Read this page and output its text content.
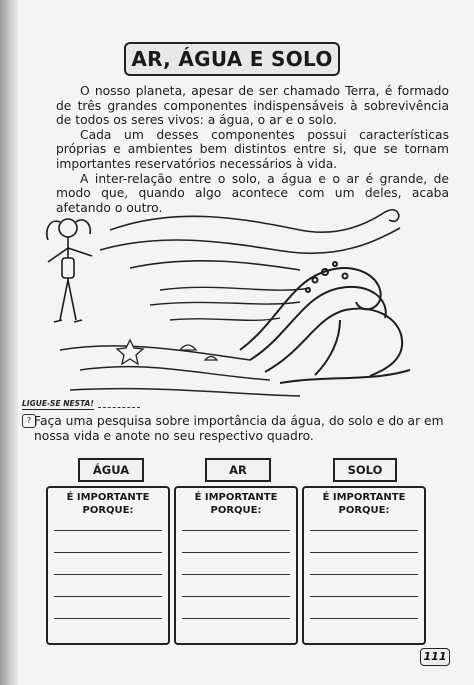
· · ·
AR, ÁGUA E SOLO

O nosso planeta, apesar de ser chamado Terra, é formado de três grandes componentes indispensáveis à sobrevivência de todos os seres vivos: a água, o ar e o solo.

Cada um desses componentes possui características próprias e ambientes bem distintos entre si, que se tornam importantes reservatórios necessários à vida.

A inter-relação entre o solo, a água e o ar é grande, de modo que, quando algo acontece com um deles, acaba afetando o outro.

LIGUE-SE NESTA!
? Faça uma pesquisa sobre importância da água, do solo e do ar em nossa vida e anote no seu respectivo quadro.
ÁGUA	AR	SOLO
É IMPORTANTE PORQUE:
É IMPORTANTE PORQUE:
É IMPORTANTE PORQUE:
111
